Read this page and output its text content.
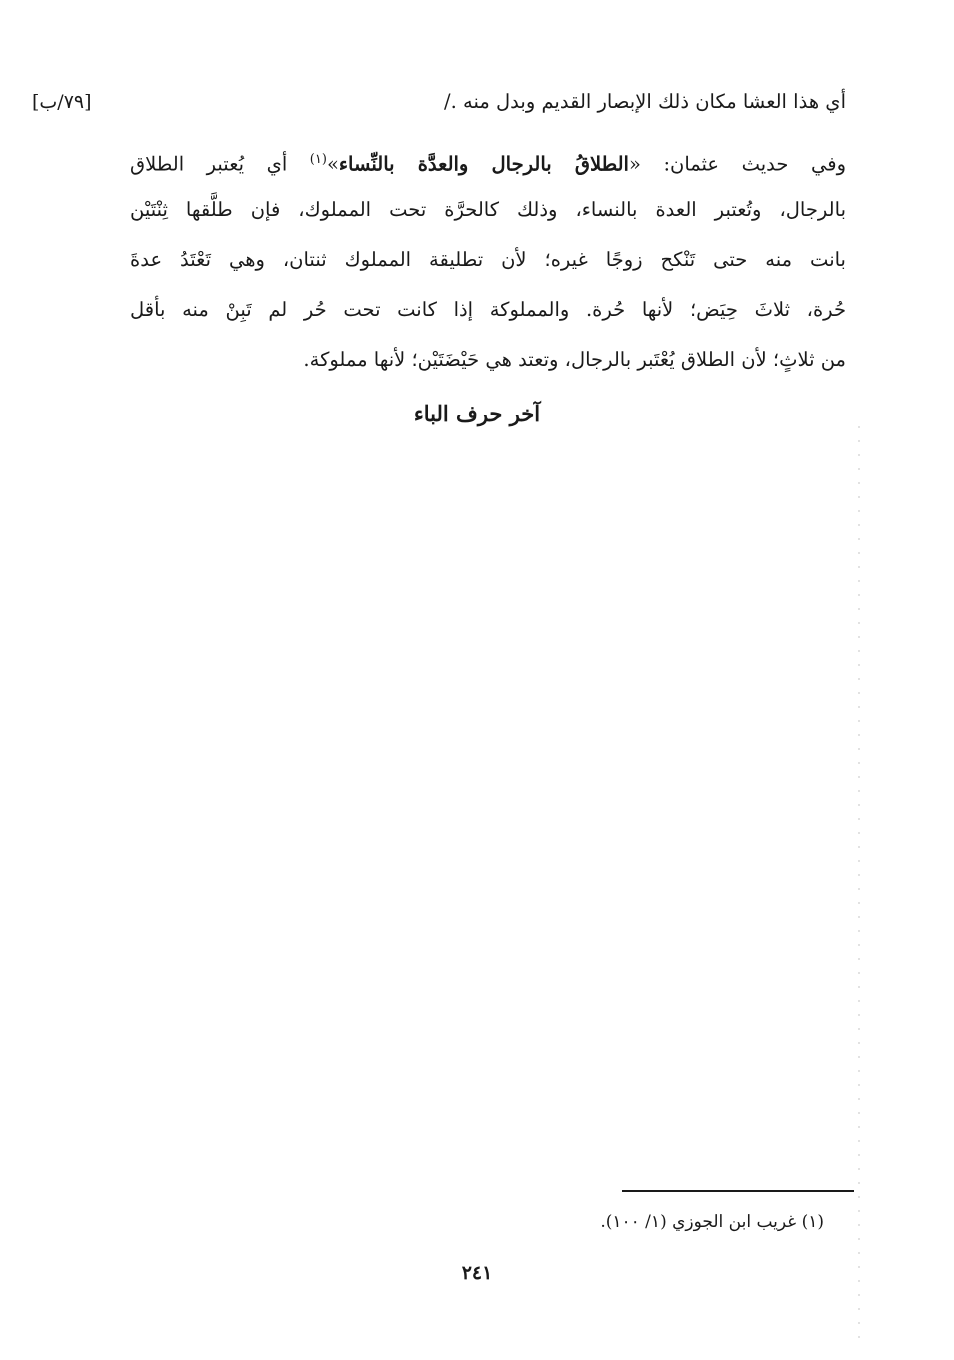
أي هذا العشا مكان ذلك الإبصار القديم وبدل منه ./
[٧٩/ب]
وفي حديث عثمان: «الطلاقُ بالرجال والعدَّة بالنِّساء»$^{(١)}$ أي يُعتبر الطلاق
بالرجال، وتُعتبر العدة بالنساء، وذلك كالحرَّة تحت المملوك، فإن طلَّقها ثِنْتَيْن
بانت منه حتى تَنْكح زوجًا غيره؛ لأن تطليقة المملوك ثنتان، وهي تَعْتَدُ عدةَ
حُرة، ثلاثَ حِيَض؛ لأنها حُرة. والمملوكة إذا كانت تحت حُر لم تَبِنْ منه بأقل
من ثلاثٍ؛ لأن الطلاق يُعْتَبر بالرجال، وتعتد هي حَيْضَتَيْن؛ لأنها مملوكة.
آخر حرف الباء
(١) غريب ابن الجوزي (١/ ١٠٠).
٢٤١
